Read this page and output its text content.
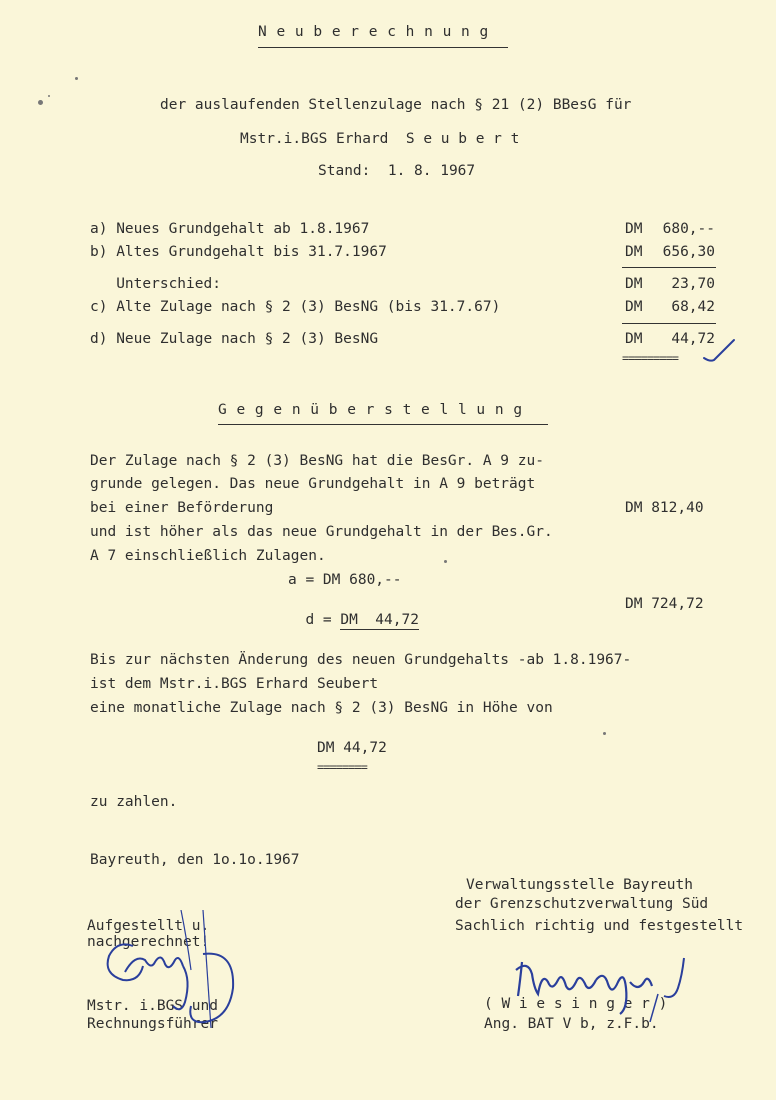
N e u b e r e c h n u n g
der auslaufenden Stellenzulage nach § 21 (2) BBesG für
Mstr.i.BGS Erhard  S e u b e r t
Stand:  1. 8. 1967
a) Neues Grundgehalt ab 1.8.1967	DM	680,--
b) Altes Grundgehalt bis 31.7.1967	DM	656,30
Unterschied:	DM	23,70
c) Alte Zulage nach § 2 (3) BesNG (bis 31.7.67)	DM	68,42
d) Neue Zulage nach § 2 (3) BesNG	DM	44,72
=========
G e g e n ü b e r s t e l l u n g
Der Zulage nach § 2 (3) BesNG hat die BesGr. A 9 zu-
grunde gelegen. Das neue Grundgehalt in A 9 beträgt
bei einer Beförderung	DM 812,40
und ist höher als das neue Grundgehalt in der Bes.Gr.
A 7 einschließlich Zulagen.
a = DM 680,--

d = DM  44,72

DM 724,72
Bis zur nächsten Änderung des neuen Grundgehalts -ab 1.8.1967-
ist dem Mstr.i.BGS Erhard Seubert
eine monatliche Zulage nach § 2 (3) BesNG in Höhe von
DM 44,72
========
zu zahlen.
Bayreuth, den 1o.1o.1967
Verwaltungsstelle Bayreuth
der Grenzschutzverwaltung Süd
Sachlich richtig und festgestellt
Aufgestellt u.
nachgerechnet!
Mstr. i.BGS und
Rechnungsführer
( W i e s i n g e r )
Ang. BAT V b, z.F.b.
